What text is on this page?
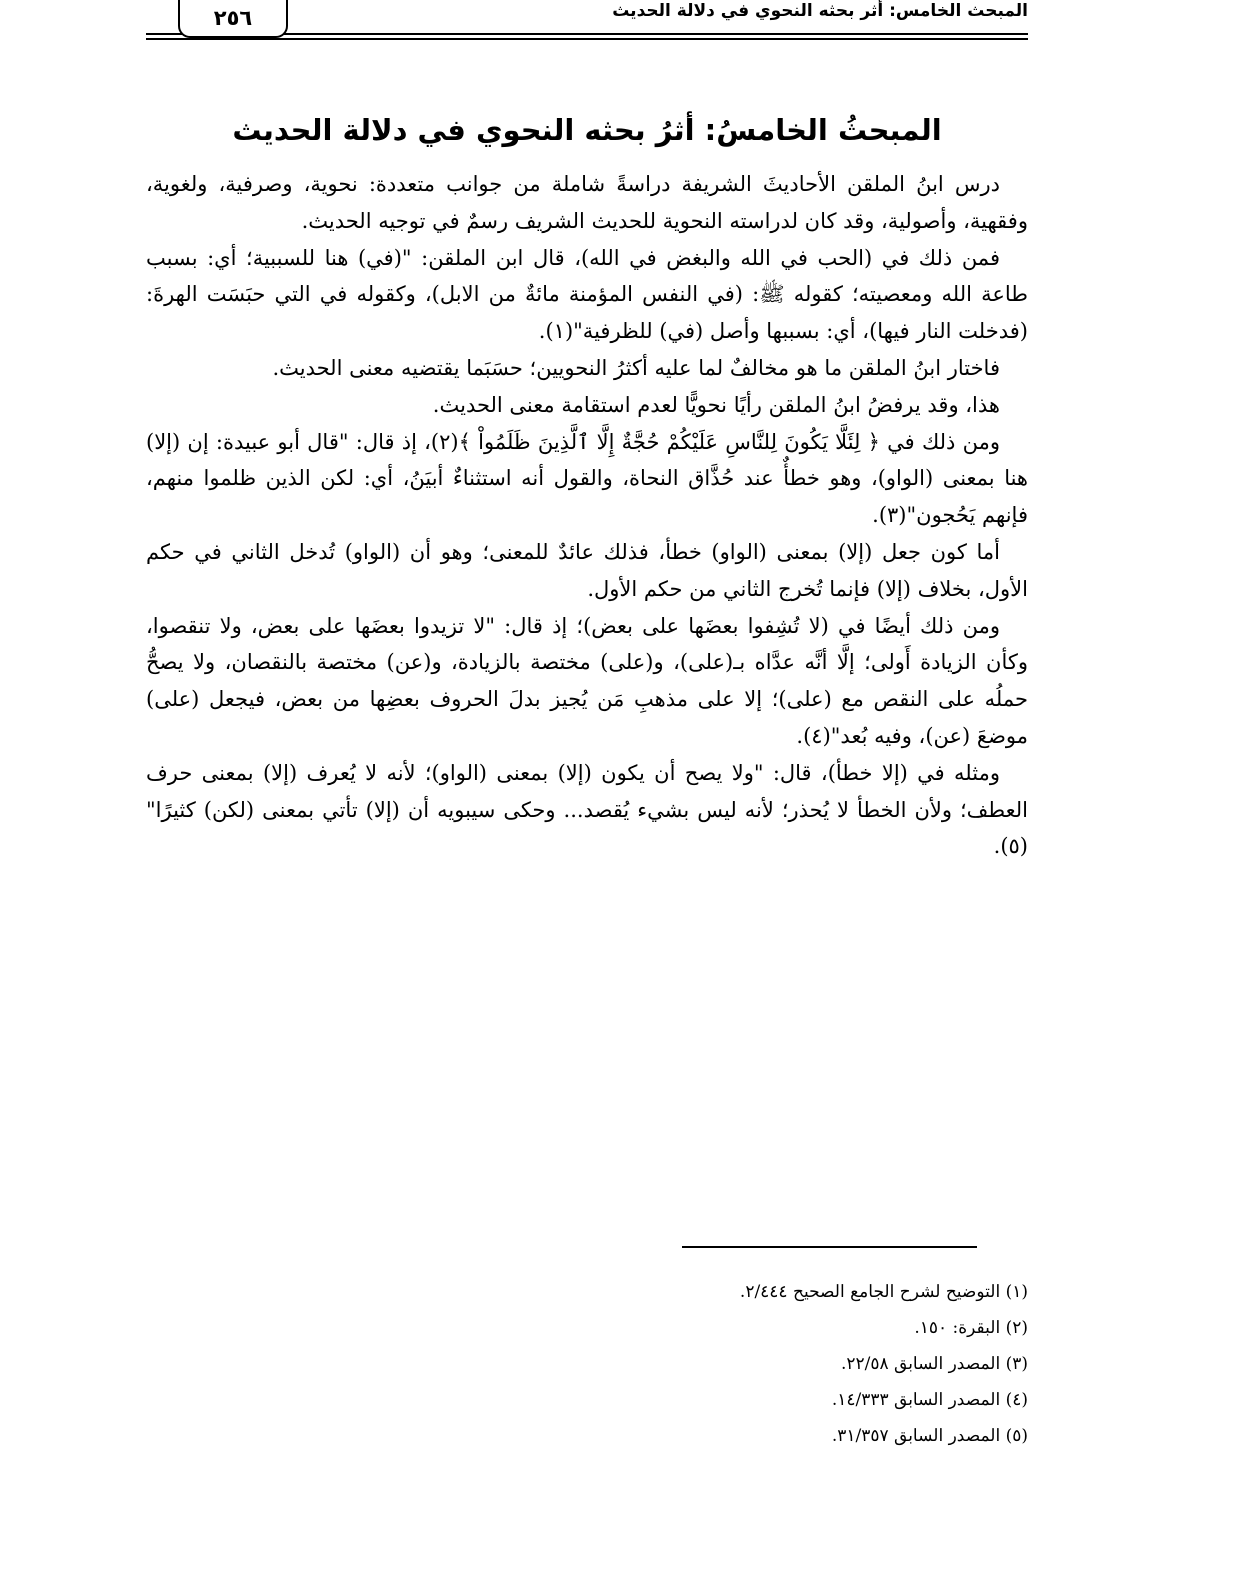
٢٥٦	المبحث الخامس: أثر بحثه النحوي في دلالة الحديث
المبحثُ الخامسُ: أثرُ بحثه النحوي في دلالة الحديث

درس ابنُ الملقن الأحاديثَ الشريفة دراسةً شاملة من جوانب متعددة: نحوية، وصرفية، ولغوية، وفقهية، وأصولية، وقد كان لدراسته النحوية للحديث الشريف رسمٌ في توجيه الحديث.

فمن ذلك في (الحب في الله والبغض في الله)، قال ابن الملقن: "(في) هنا للسببية؛ أي: بسبب طاعة الله ومعصيته؛ كقوله ﷺ: (في النفس المؤمنة مائةٌ من الابل)، وكقوله في التي حبَسَت الهرةَ: (فدخلت النار فيها)، أي: بسببها وأصل (في) للظرفية"(١).

فاختار ابنُ الملقن ما هو مخالفٌ لما عليه أكثرُ النحويين؛ حسَبَما يقتضيه معنى الحديث.

هذا، وقد يرفضُ ابنُ الملقن رأيًا نحويًّا لعدم استقامة معنى الحديث.

ومن ذلك في ﴿ لِئَلَّا يَكُونَ لِلنَّاسِ عَلَيْكُمْ حُجَّةٌ إِلَّا ٱلَّذِينَ ظَلَمُواْ ﴾(٢)، إذ قال: "قال أبو عبيدة: إن (إلا) هنا بمعنى (الواو)، وهو خطأٌ عند حُذَّاق النحاة، والقول أنه استثناءٌ أبيَنُ، أي: لكن الذين ظلموا منهم، فإنهم يَحُجون"(٣).

أما كون جعل (إلا) بمعنى (الواو) خطأ، فذلك عائدٌ للمعنى؛ وهو أن (الواو) تُدخل الثاني في حكم الأول، بخلاف (إلا) فإنما تُخرج الثاني من حكم الأول.

ومن ذلك أيضًا في (لا تُشِفوا بعضَها على بعض)؛ إذ قال: "لا تزيدوا بعضَها على بعض، ولا تنقصوا، وكأن الزيادة أَولى؛ إلَّا أنَّه عدَّاه بـ(على)، و(على) مختصة بالزيادة، و(عن) مختصة بالنقصان، ولا يصحُّ حملُه على النقص مع (على)؛ إلا على مذهبِ مَن يُجيز بدلَ الحروف بعضِها من بعض، فيجعل (على) موضعَ (عن)، وفيه بُعد"(٤).

ومثله في (إلا خطأ)، قال: "ولا يصح أن يكون (إلا) بمعنى (الواو)؛ لأنه لا يُعرف (إلا) بمعنى حرف العطف؛ ولأن الخطأ لا يُحذر؛ لأنه ليس بشيء يُقصد... وحكى سيبويه أن (إلا) تأتي بمعنى (لكن) كثيرًا"(٥).

(١) التوضيح لشرح الجامع الصحيح ٢/٤٤٤.

(٢) البقرة: ١٥٠.

(٣) المصدر السابق ٢٢/٥٨.

(٤) المصدر السابق ١٤/٣٣٣.

(٥) المصدر السابق ٣١/٣٥٧.
